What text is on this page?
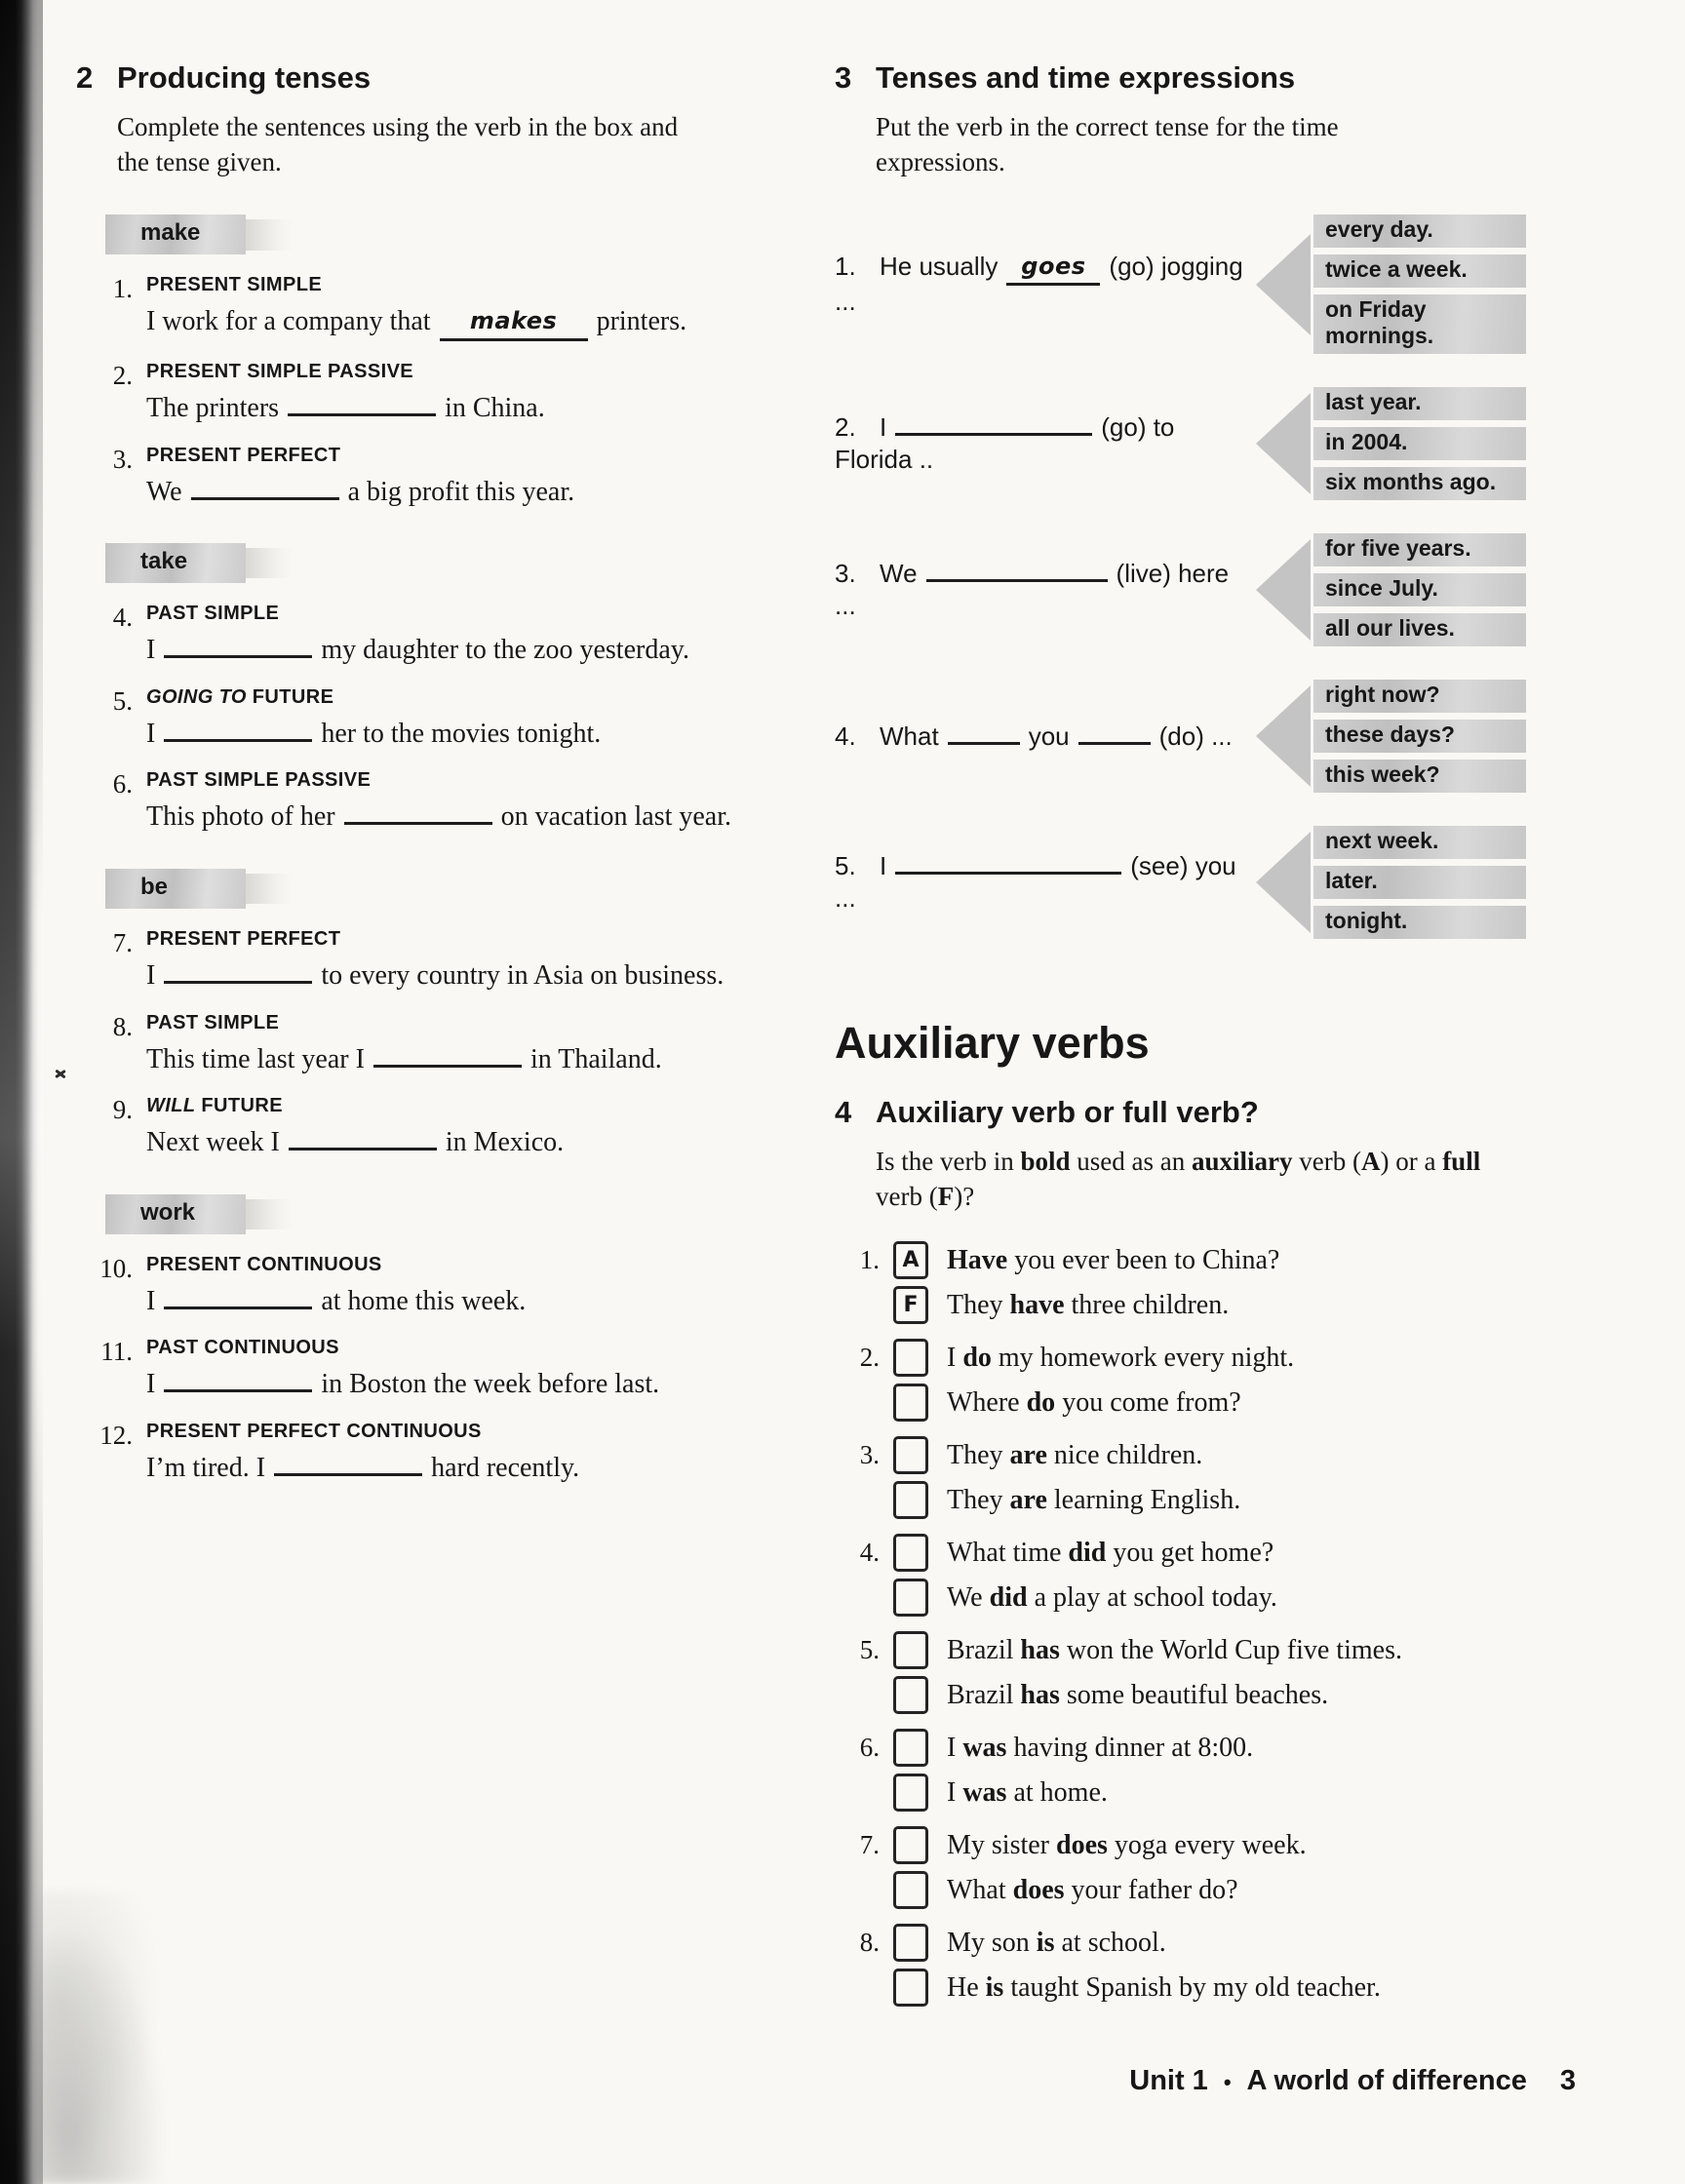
2 Producing tenses
Complete the sentences using the verb in the box and the tense given.
make
1. PRESENT SIMPLE
I work for a company that makes printers.
2. PRESENT SIMPLE PASSIVE
The printers	in China.
3. PRESENT PERFECT
We	a big profit this year.
take
4. PAST SIMPLE
I	my daughter to the zoo yesterday.
5. GOING TO FUTURE
I	her to the movies tonight.
6. PAST SIMPLE PASSIVE
This photo of her	on vacation last year.
be
7. PRESENT PERFECT
I	to every country in Asia on business.
8. PAST SIMPLE
This time last year I	in Thailand.
9. WILL FUTURE
Next week I	in Mexico.
work
10. PRESENT CONTINUOUS
I	at home this week.
11. PAST CONTINUOUS
I	in Boston the week before last.
12. PRESENT PERFECT CONTINUOUS
I’m tired. I	hard recently.
3 Tenses and time expressions
Put the verb in the correct tense for the time expressions.
1. He usually goes (go) jogging ...
every day.
twice a week.
on Friday mornings.
2. I	(go) to Florida ..
last year.
in 2004.
six months ago.
3. We	(live) here ...
for five years.
since July.
all our lives.
4. What	you	(do) ...
right now?
these days?
this week?
5. I	(see) you ...
next week.
later.
tonight.
Auxiliary verbs
4 Auxiliary verb or full verb?
Is the verb in bold used as an auxiliary verb (A) or a full verb (F)?
1.	A Have you ever been to China?
F They have three children.
2.	I do my homework every night.
Where do you come from?
3.	They are nice children.
They are learning English.
4.	What time did you get home?
We did a play at school today.
5.	Brazil has won the World Cup five times.
Brazil has some beautiful beaches.
6.	I was having dinner at 8:00.
I was at home.
7.	My sister does yoga every week.
What does your father do?
8.	My son is at school.
He is taught Spanish by my old teacher.
Unit 1 • A world of difference 3
